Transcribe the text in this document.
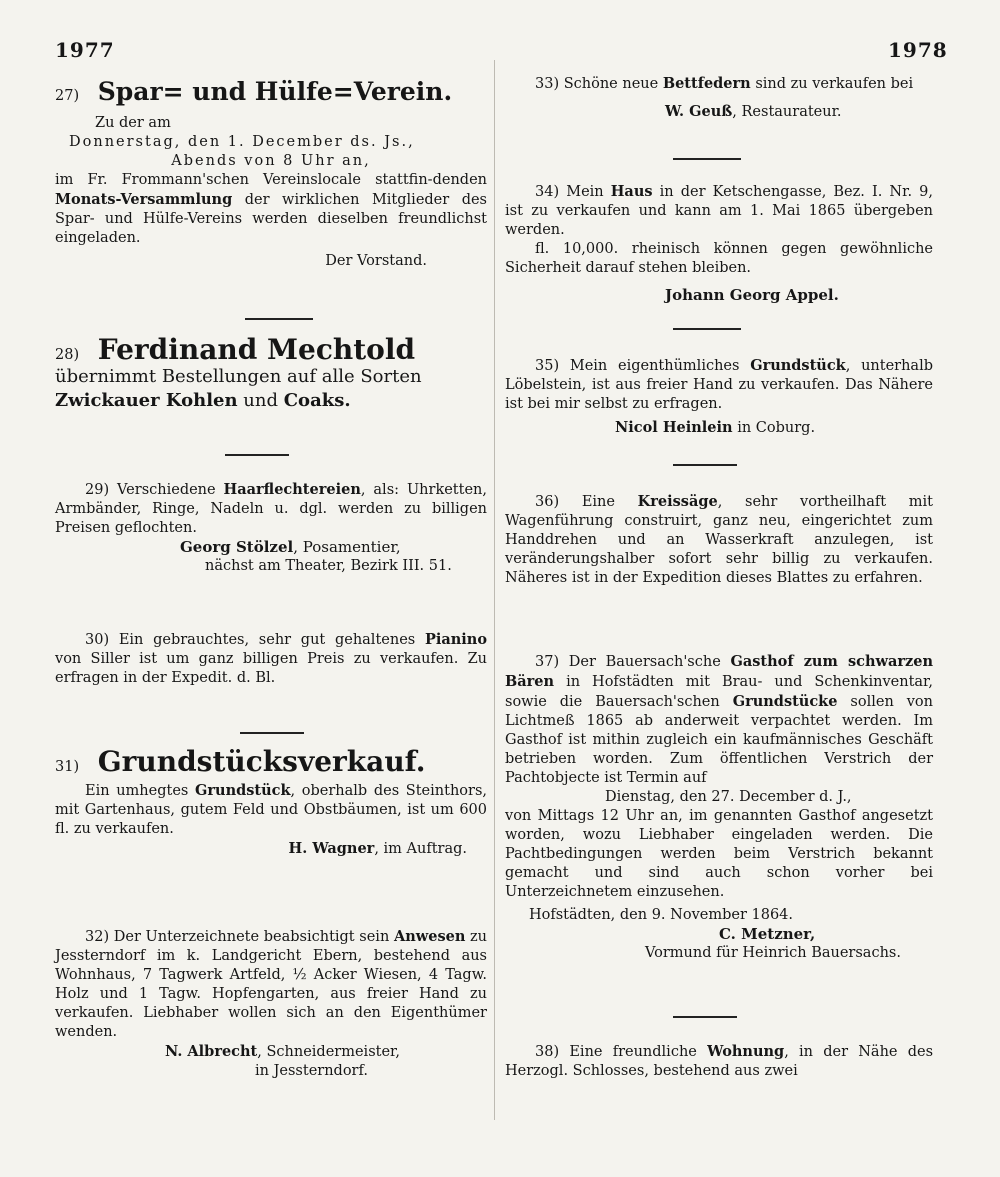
1977	1978

27) Spar= und Hülfe=Verein.

Zu der am

Donnerstag, den 1. December ds. Js.,

Abends von 8 Uhr an,

im Fr. Frommann'schen Vereinslocale stattfin-denden Monats-Versammlung der wirklichen Mitglieder des Spar- und Hülfe-Vereins werden dieselben freundlichst eingeladen.

Der Vorstand.

28) Ferdinand Mechtold

übernimmt Bestellungen auf alle Sorten

Zwickauer Kohlen und Coaks.

29) Verschiedene Haarflechtereien, als: Uhrketten, Armbänder, Ringe, Nadeln u. dgl. werden zu billigen Preisen geflochten.

Georg Stölzel, Posamentier,

nächst am Theater, Bezirk III. 51.

30) Ein gebrauchtes, sehr gut gehaltenes Pianino von Siller ist um ganz billigen Preis zu verkaufen. Zu erfragen in der Expedit. d. Bl.

31) Grundstücksverkauf.

Ein umhegtes Grundstück, oberhalb des Steinthors, mit Gartenhaus, gutem Feld und Obstbäumen, ist um 600 fl. zu verkaufen.

H. Wagner, im Auftrag.

32) Der Unterzeichnete beabsichtigt sein Anwesen zu Jessterndorf im k. Landgericht Ebern, bestehend aus Wohnhaus, 7 Tagwerk Artfeld, ½ Acker Wiesen, 4 Tagw. Holz und 1 Tagw. Hopfengarten, aus freier Hand zu verkaufen. Liebhaber wollen sich an den Eigenthümer wenden.

N. Albrecht, Schneidermeister,

in Jessterndorf.

33) Schöne neue Bettfedern sind zu verkaufen bei

W. Geuß, Restaurateur.

34) Mein Haus in der Ketschengasse, Bez. I. Nr. 9, ist zu verkaufen und kann am 1. Mai 1865 übergeben werden.

fl. 10,000. rheinisch können gegen gewöhnliche Sicherheit darauf stehen bleiben.

Johann Georg Appel.

35) Mein eigenthümliches Grundstück, unterhalb Löbelstein, ist aus freier Hand zu verkaufen. Das Nähere ist bei mir selbst zu erfragen.

Nicol Heinlein in Coburg.

36) Eine Kreissäge, sehr vortheilhaft mit Wagenführung construirt, ganz neu, eingerichtet zum Handdrehen und an Wasserkraft anzulegen, ist veränderungshalber sofort sehr billig zu verkaufen. Näheres ist in der Expedition dieses Blattes zu erfahren.

37) Der Bauersach'sche Gasthof zum schwarzen Bären in Hofstädten mit Brau- und Schenkinventar, sowie die Bauersach'schen Grundstücke sollen von Lichtmeß 1865 ab anderweit verpachtet werden. Im Gasthof ist mithin zugleich ein kaufmännisches Geschäft betrieben worden. Zum öffentlichen Verstrich der Pachtobjecte ist Termin auf

Dienstag, den 27. December d. J.,

von Mittags 12 Uhr an, im genannten Gasthof angesetzt worden, wozu Liebhaber eingeladen werden. Die Pachtbedingungen werden beim Verstrich bekannt gemacht und sind auch schon vorher bei Unterzeichnetem einzusehen.

Hofstädten, den 9. November 1864.

C. Metzner,

Vormund für Heinrich Bauersachs.

38) Eine freundliche Wohnung, in der Nähe des Herzogl. Schlosses, bestehend aus zwei
